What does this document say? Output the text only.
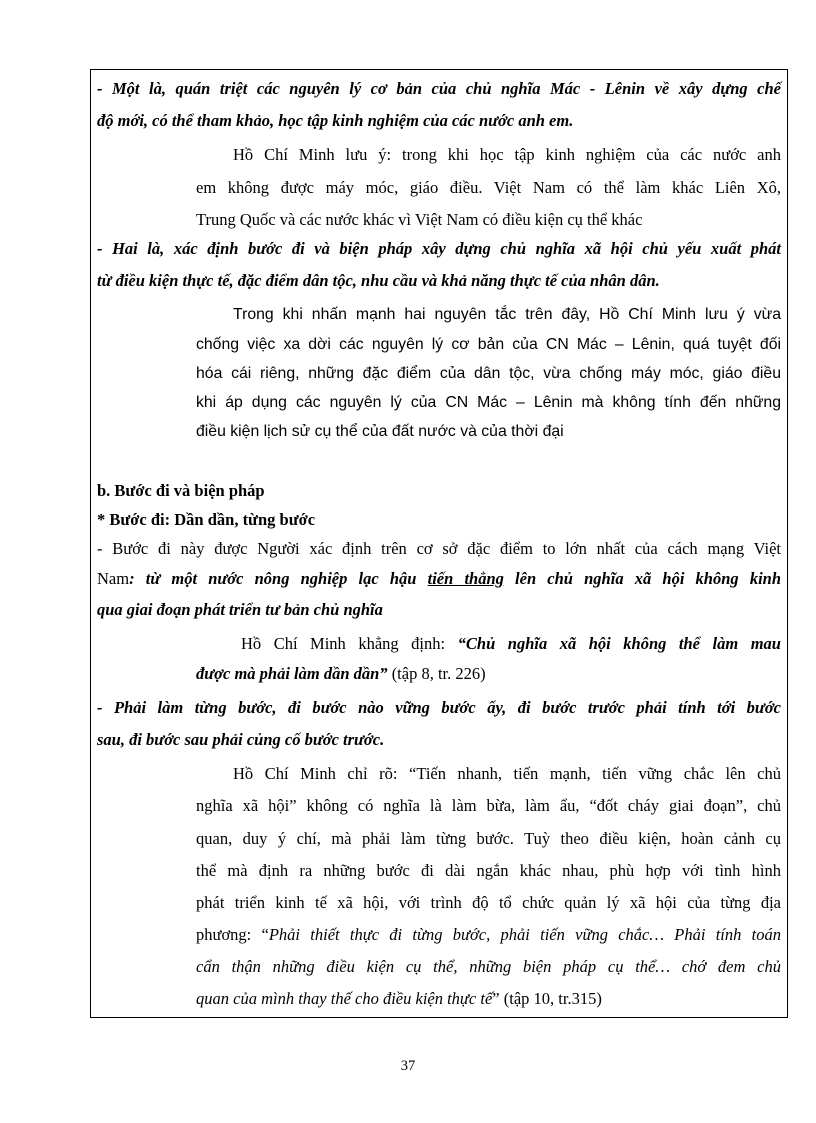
- Một là, quán triệt các nguyên lý cơ bản của chủ nghĩa Mác - Lênin về xây dựng chế
độ mới, có thể tham khảo, học tập kinh nghiệm của các nước anh em.
Hồ Chí Minh lưu ý: trong khi học tập kinh nghiệm của các nước anh
em không được máy móc, giáo điều. Việt Nam có thể làm khác Liên Xô,
Trung Quốc và các nước khác vì Việt Nam có điều kiện cụ thể khác
- Hai là, xác định bước đi và biện pháp xây dựng chủ nghĩa xã hội chủ yếu xuất phát
từ điều kiện thực tế, đặc điểm dân tộc, nhu cầu và khả năng thực tế của nhân dân.
Trong khi nhấn mạnh hai nguyên tắc trên đây, Hồ Chí Minh lưu ý vừa
chống việc xa dời các nguyên lý cơ bản của CN Mác – Lênin, quá tuyệt đối
hóa cái riêng, những đặc điểm của dân tộc, vừa chống máy móc, giáo điều
khi áp dụng các nguyên lý của CN Mác – Lênin mà không tính đến những
điều kiện lịch sử cụ thể của đất nước và của thời đại
b. Bước đi và biện pháp
* Bước đi: Dần dần, từng bước
- Bước đi này được Người xác định trên cơ sở đặc điểm to lớn nhất của cách mạng Việt
Nam: từ một nước nông nghiệp lạc hậu tiến thẳng lên chủ nghĩa xã hội không kinh
qua giai đoạn phát triển tư bản chủ nghĩa
Hồ Chí Minh khẳng định: “Chủ nghĩa xã hội không thể làm mau
được mà phải làm dần dần” (tập 8, tr. 226)
- Phải làm từng bước, đi bước nào vững bước ấy, đi bước trước phải tính tới bước
sau, đi bước sau phải củng cố bước trước.
Hồ Chí Minh chỉ rõ: “Tiến nhanh, tiến mạnh, tiến vững chắc lên chủ
nghĩa xã hội” không có nghĩa là làm bừa, làm ẩu, “đốt cháy giai đoạn”, chủ
quan, duy ý chí, mà phải làm từng bước. Tuỳ theo điều kiện, hoàn cảnh cụ
thể mà định ra những bước đi dài ngắn khác nhau, phù hợp với tình hình
phát triển kinh tế xã hội, với trình độ tổ chức quản lý xã hội của từng địa
phương: “Phải thiết thực đi từng bước, phải tiến vững chắc… Phải tính toán
cẩn thận những điều kiện cụ thể, những biện pháp cụ thể… chớ đem chủ
quan của mình thay thế cho điều kiện thực tế” (tập 10, tr.315)
37
